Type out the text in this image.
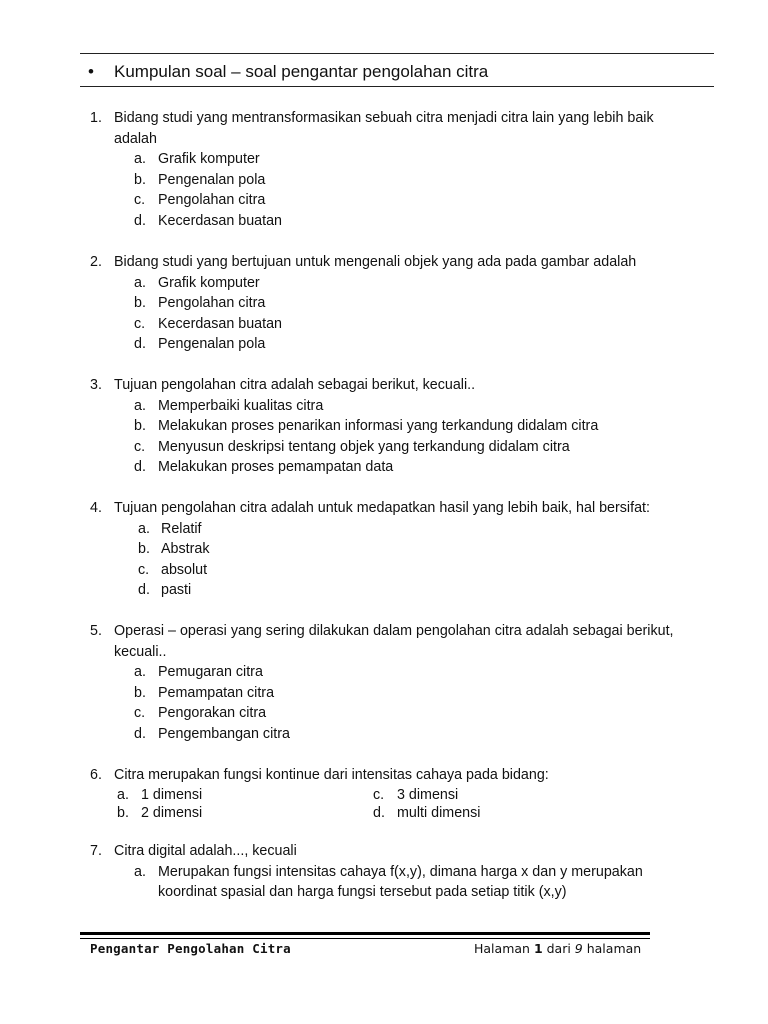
• Kumpulan soal – soal pengantar pengolahan citra
1. Bidang studi yang mentransformasikan sebuah citra menjadi citra lain yang lebih baik adalah
a. Grafik komputer
b. Pengenalan pola
c. Pengolahan citra
d. Kecerdasan buatan
2. Bidang studi yang bertujuan untuk mengenali objek yang ada pada gambar adalah
a. Grafik komputer
b. Pengolahan citra
c. Kecerdasan buatan
d. Pengenalan pola
3. Tujuan pengolahan citra adalah sebagai berikut, kecuali..
a. Memperbaiki kualitas citra
b. Melakukan proses penarikan informasi yang terkandung didalam citra
c. Menyusun deskripsi tentang objek yang terkandung didalam citra
d. Melakukan proses pemampatan data
4. Tujuan pengolahan citra adalah untuk medapatkan hasil yang lebih baik, hal bersifat:
a. Relatif
b. Abstrak
c. absolut
d. pasti
5. Operasi – operasi yang sering dilakukan dalam pengolahan citra adalah sebagai berikut, kecuali..
a. Pemugaran citra
b. Pemampatan citra
c. Pengorakan citra
d. Pengembangan citra
6. Citra merupakan fungsi kontinue dari intensitas cahaya pada bidang:
a. 1 dimensi
b. 2 dimensi
c. 3 dimensi
d. multi dimensi
7. Citra digital adalah..., kecuali
a. Merupakan fungsi intensitas cahaya f(x,y), dimana harga x dan y merupakan koordinat spasial dan harga fungsi tersebut pada setiap titik (x,y)
Pengantar Pengolahan Citra	Halaman 1 dari 9 halaman
